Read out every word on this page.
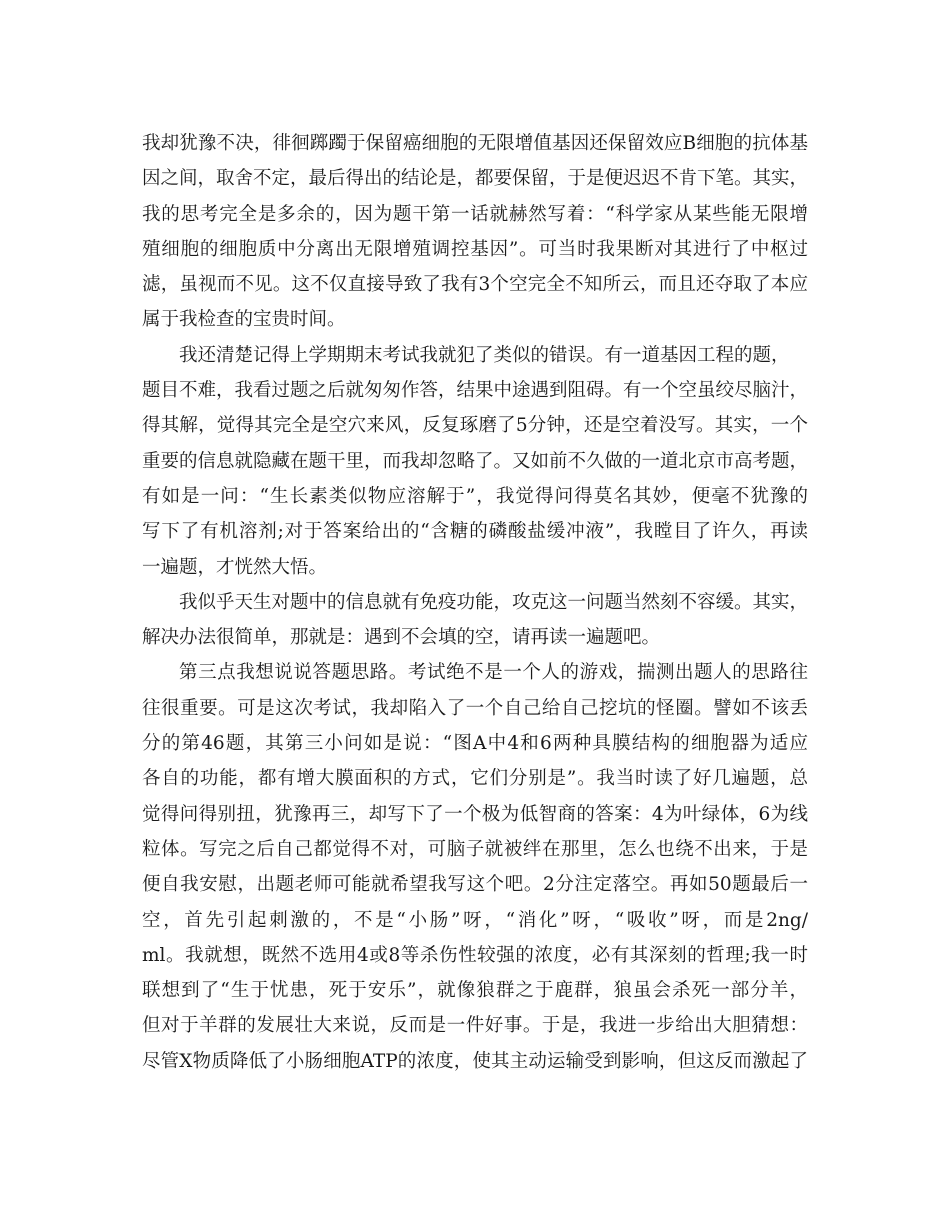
我却犹豫不决，徘徊踯躅于保留癌细胞的无限增值基因还保留效应B细胞的抗体基
因之间，取舍不定，最后得出的结论是，都要保留，于是便迟迟不肯下笔。其实，
我的思考完全是多余的，因为题干第一话就赫然写着：“科学家从某些能无限增
殖细胞的细胞质中分离出无限增殖调控基因”。可当时我果断对其进行了中枢过
滤，虽视而不见。这不仅直接导致了我有3个空完全不知所云，而且还夺取了本应
属于我检查的宝贵时间。
我还清楚记得上学期期末考试我就犯了类似的错误。有一道基因工程的题，
题目不难，我看过题之后就匆匆作答，结果中途遇到阻碍。有一个空虽绞尽脑汁，
得其解，觉得其完全是空穴来风，反复琢磨了5分钟，还是空着没写。其实，一个
重要的信息就隐藏在题干里，而我却忽略了。又如前不久做的一道北京市高考题，
有如是一问：“生长素类似物应溶解于”，我觉得问得莫名其妙，便毫不犹豫的
写下了有机溶剂;对于答案给出的“含糖的磷酸盐缓冲液”，我瞠目了许久，再读
一遍题，才恍然大悟。
我似乎天生对题中的信息就有免疫功能，攻克这一问题当然刻不容缓。其实，
解决办法很简单，那就是：遇到不会填的空，请再读一遍题吧。
第三点我想说说答题思路。考试绝不是一个人的游戏，揣测出题人的思路往
往很重要。可是这次考试，我却陷入了一个自己给自己挖坑的怪圈。譬如不该丢
分的第46题，其第三小问如是说：“图A中4和6两种具膜结构的细胞器为适应
各自的功能，都有增大膜面积的方式，它们分别是”。我当时读了好几遍题，总
觉得问得别扭，犹豫再三，却写下了一个极为低智商的答案：4为叶绿体，6为线
粒体。写完之后自己都觉得不对，可脑子就被绊在那里，怎么也绕不出来，于是
便自我安慰，出题老师可能就希望我写这个吧。2分注定落空。再如50题最后一
空，首先引起刺激的，不是“小肠”呀，“消化”呀，“吸收”呀，而是2ng/
ml。我就想，既然不选用4或8等杀伤性较强的浓度，必有其深刻的哲理;我一时
联想到了“生于忧患，死于安乐”，就像狼群之于鹿群，狼虽会杀死一部分羊，
但对于羊群的发展壮大来说，反而是一件好事。于是，我进一步给出大胆猜想：
尽管X物质降低了小肠细胞ATP的浓度，使其主动运输受到影响，但这反而激起了
